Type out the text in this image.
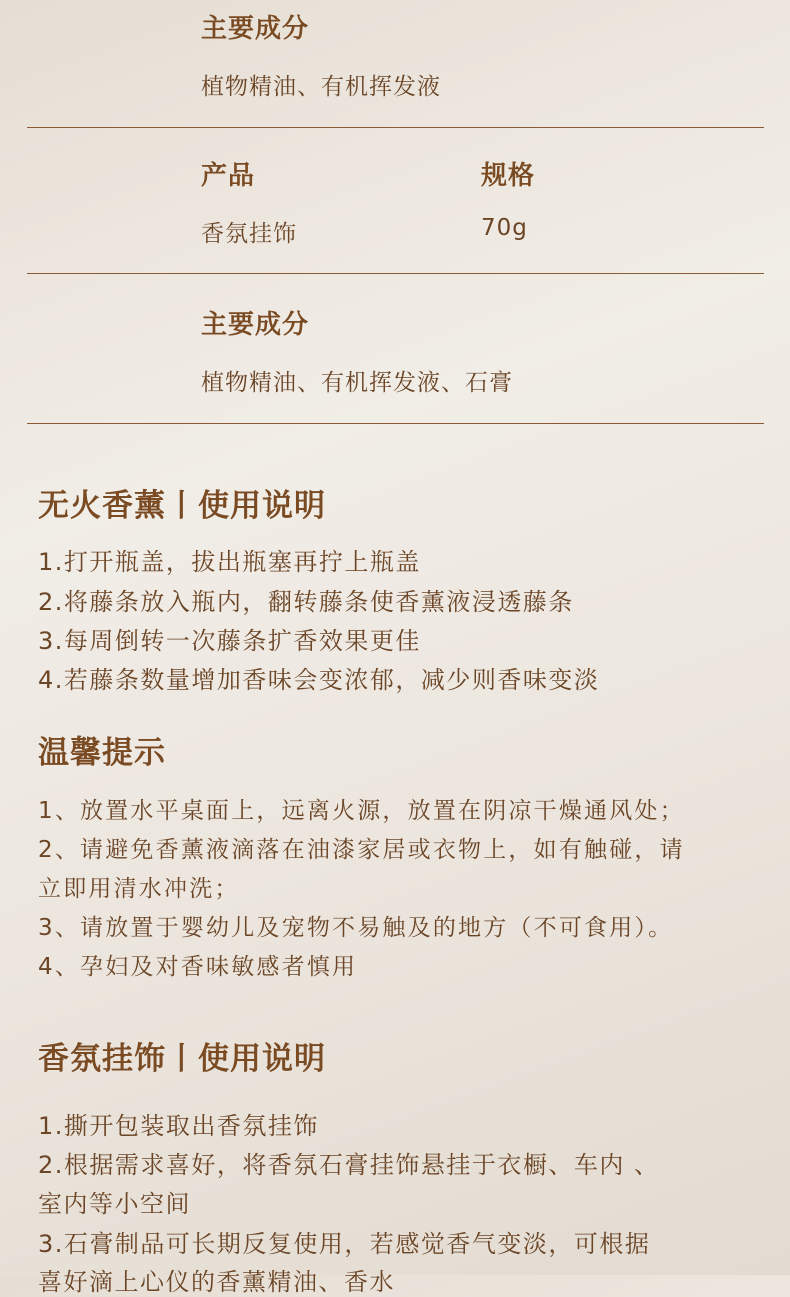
主要成分
植物精油、有机挥发液
产品	规格
香氛挂饰	70g
主要成分
植物精油、有机挥发液、石膏
无火香薰丨使用说明
1.打开瓶盖，拔出瓶塞再拧上瓶盖
2.将藤条放入瓶内，翻转藤条使香薰液浸透藤条
3.每周倒转一次藤条扩香效果更佳
4.若藤条数量增加香味会变浓郁，减少则香味变淡
温馨提示
1、放置水平桌面上，远离火源，放置在阴凉干燥通风处；
2、请避免香薰液滴落在油漆家居或衣物上，如有触碰，请
立即用清水冲洗；
3、请放置于婴幼儿及宠物不易触及的地方（不可食用）。
4、孕妇及对香味敏感者慎用
香氛挂饰丨使用说明
1.撕开包装取出香氛挂饰
2.根据需求喜好，将香氛石膏挂饰悬挂于衣橱、车内 、
室内等小空间
3.石膏制品可长期反复使用，若感觉香气变淡，可根据
喜好滴上心仪的香薰精油、香水
